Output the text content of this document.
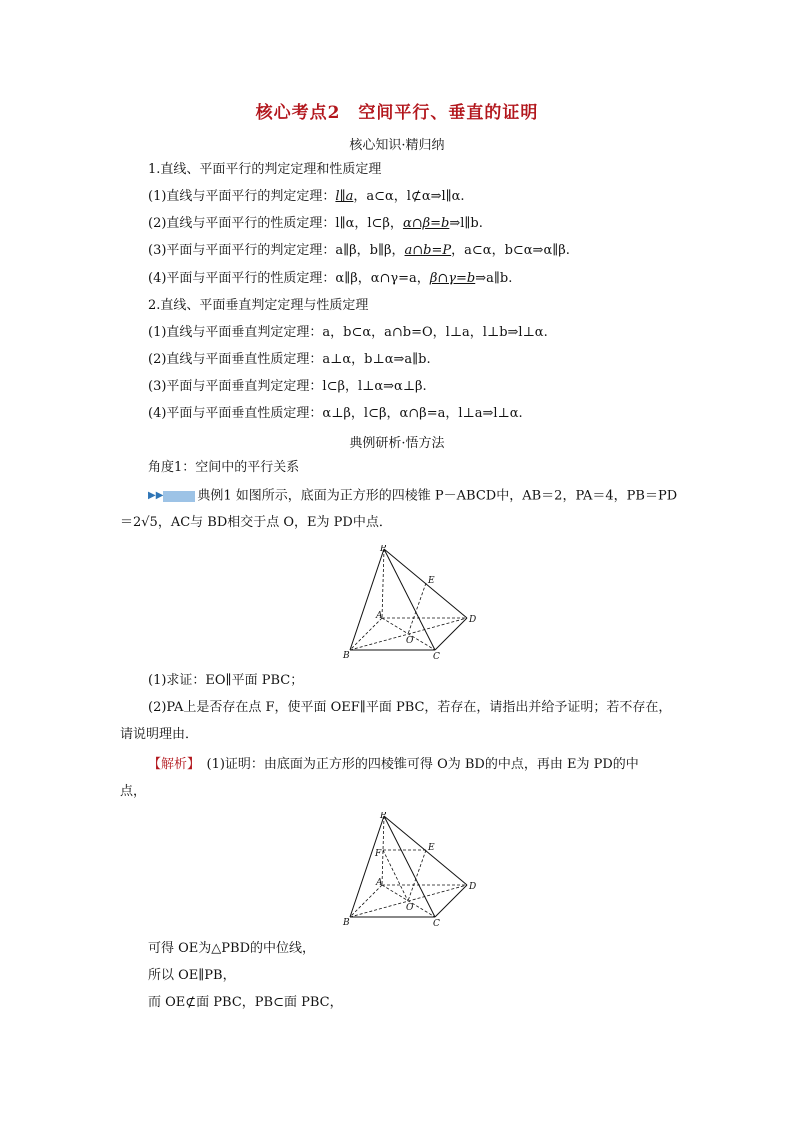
核心考点2　空间平行、垂直的证明
核心知识·精归纳
1.直线、平面平行的判定定理和性质定理
(1)直线与平面平行的判定定理：l∥a，a⊂α，l⊄α⇒l∥α.
(2)直线与平面平行的性质定理：l∥α，l⊂β，α∩β=b⇒l∥b.
(3)平面与平面平行的判定定理：a∥β，b∥β，a∩b=P，a⊂α，b⊂α⇒α∥β.
(4)平面与平面平行的性质定理：α∥β，α∩γ=a，β∩γ=b⇒a∥b.
2.直线、平面垂直判定定理与性质定理
(1)直线与平面垂直判定定理：a，b⊂α，a∩b=O，l⊥a，l⊥b⇒l⊥α.
(2)直线与平面垂直性质定理：a⊥α，b⊥α⇒a∥b.
(3)平面与平面垂直判定定理：l⊂β，l⊥α⇒α⊥β.
(4)平面与平面垂直性质定理：α⊥β，l⊂β，α∩β=a，l⊥a⇒l⊥α.
典例研析·悟方法
角度1：空间中的平行关系
▶▶	典例1 如图所示，底面为正方形的四棱锥 P－ABCD中，AB＝2，PA＝4，PB＝PD
＝2√5，AC与 BD相交于点 O，E为 PD中点．
P
E
A	D
O
B	C
(1)求证：EO∥平面 PBC；
(2)PA上是否存在点 F，使平面 OEF∥平面 PBC，若存在，请指出并给予证明；若不存在，
请说明理由．
【解析】　(1)证明：由底面为正方形的四棱锥可得 O为 BD的中点，再由 E为 PD的中
点，
P
E
F
A	D
O
B	C
可得 OE为△PBD的中位线，
所以 OE∥PB，
而 OE⊄面 PBC，PB⊂面 PBC，
